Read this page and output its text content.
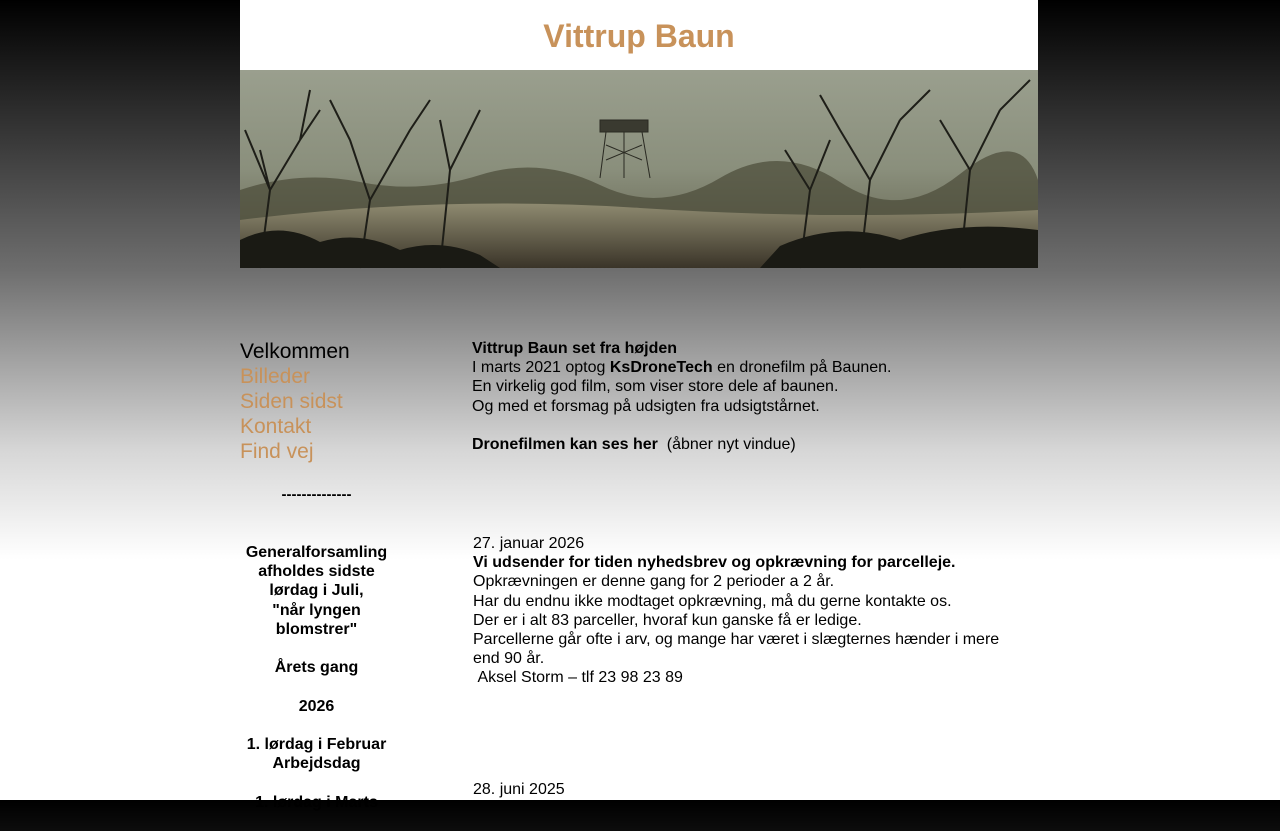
Vittrup Baun
Velkommen
Billeder
Siden sidst
Kontakt
Find vej
--------------

Generalforsamling
afholdes sidste
lørdag i Juli,
"når lyngen
blomstrer"

Årets gang

2026

1. lørdag i Februar
Arbejdsdag

1. lørdag i Marts

Vittrup Baun set fra højden

I marts 2021 optog KsDroneTech en dronefilm på Baunen.

En virkelig god film, som viser store dele af baunen.

Og med et forsmag på udsigten fra udsigtstårnet.

Dronefilmen kan ses her (åbner nyt vindue)

27. januar 2026

Vi udsender for tiden nyhedsbrev og opkrævning for parcelleje.

Opkrævningen er denne gang for 2 perioder a 2 år.

Har du endnu ikke modtaget opkrævning, må du gerne kontakte os.

Der er i alt 83 parceller, hvoraf kun ganske få er ledige.

Parcellerne går ofte i arv, og mange har været i slægternes hænder i mere end 90 år.

Aksel Storm – tlf 23 98 23 89

28. juni 2025
